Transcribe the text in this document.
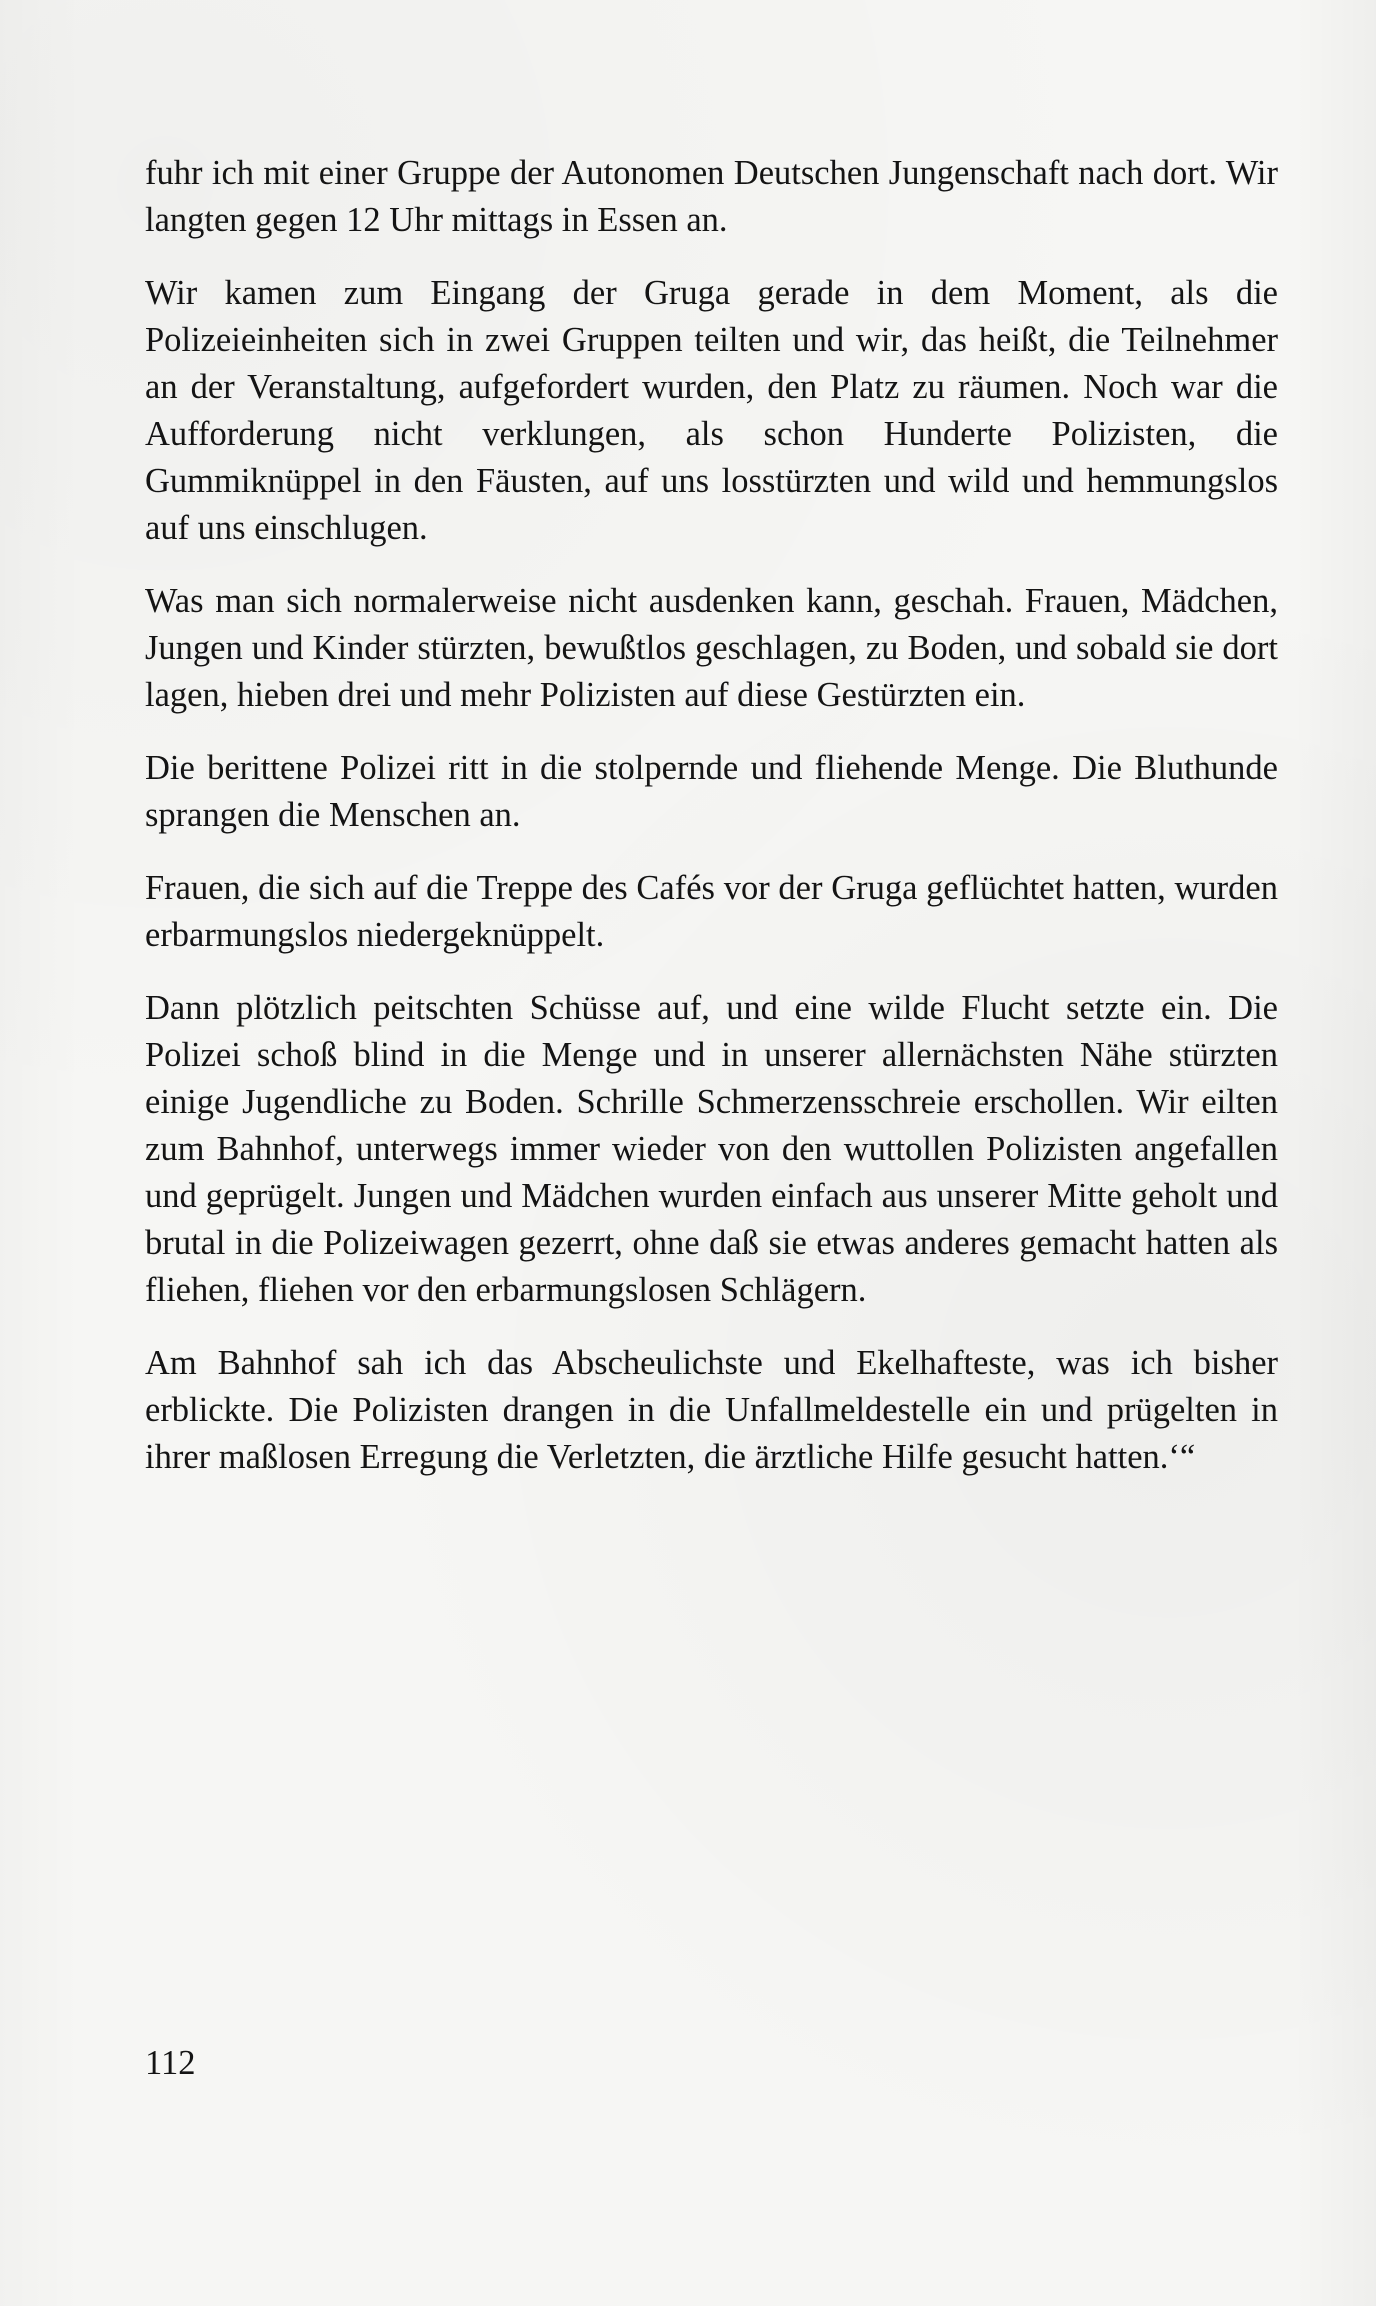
fuhr ich mit einer Gruppe der Autonomen Deutschen Jungenschaft nach dort. Wir langten gegen 12 Uhr mittags in Essen an.

Wir kamen zum Eingang der Gruga gerade in dem Moment, als die Polizeieinheiten sich in zwei Gruppen teilten und wir, das heißt, die Teilnehmer an der Veranstaltung, aufgefordert wurden, den Platz zu räumen. Noch war die Aufforderung nicht verklungen, als schon Hunderte Polizisten, die Gummiknüppel in den Fäusten, auf uns losstürzten und wild und hemmungslos auf uns einschlugen.

Was man sich normalerweise nicht ausdenken kann, geschah. Frauen, Mädchen, Jungen und Kinder stürzten, bewußtlos geschlagen, zu Boden, und sobald sie dort lagen, hieben drei und mehr Polizisten auf diese Gestürzten ein.

Die berittene Polizei ritt in die stolpernde und fliehende Menge. Die Bluthunde sprangen die Menschen an.

Frauen, die sich auf die Treppe des Cafés vor der Gruga geflüchtet hatten, wurden erbarmungslos niedergeknüppelt.

Dann plötzlich peitschten Schüsse auf, und eine wilde Flucht setzte ein. Die Polizei schoß blind in die Menge und in unserer allernächsten Nähe stürzten einige Jugendliche zu Boden. Schrille Schmerzensschreie erschollen. Wir eilten zum Bahnhof, unterwegs immer wieder von den wuttollen Polizisten angefallen und geprügelt. Jungen und Mädchen wurden einfach aus unserer Mitte geholt und brutal in die Polizeiwagen gezerrt, ohne daß sie etwas anderes gemacht hatten als fliehen, fliehen vor den erbarmungslosen Schlägern.

Am Bahnhof sah ich das Abscheulichste und Ekelhafteste, was ich bisher erblickte. Die Polizisten drangen in die Unfallmeldestelle ein und prügelten in ihrer maßlosen Erregung die Verletzten, die ärztliche Hilfe gesucht hatten.‘“

112
